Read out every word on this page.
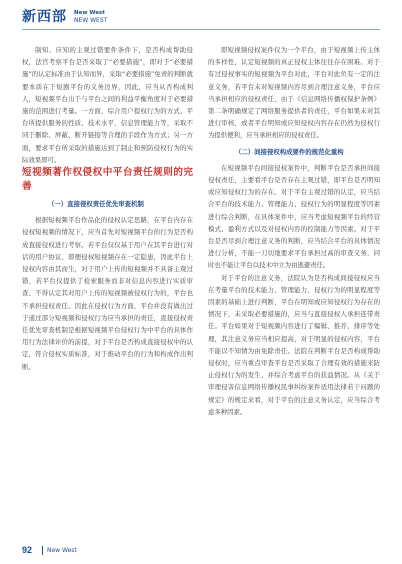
新西部 New West
NEW WEST

制知、应知的主观过错要件条件下，是否构成帮助侵权，法官考察平台是否采取了“必要措施”，即对于“必要措施”的认定标准由于认知而异，采取“必要措施”免责的判断就要本质在于短剧平台的义务边界，因此，应当从否构成判人，短视频平台出于与平台之间的利益平衡角度对于必要措施的范围进行考量。一方面，综合用户提权行为的方式、平台所提供服务的性质、技术水平，信息管理能力等，采取不同于删除、屏蔽、断开链接等合理的手段作为方式；另一方面，要求平台所采取的措施达到了制止和预防侵权行为的实际效果即可。

短视频著作权侵权中平台责任规则的完善

（一）直接侵权责任优先审查机制

根据短视频平台作品化的侵权认定思路，在平台内存在侵权短视频的情况下，应当首先对短视频平台的行为是否构成直接侵权进行考察。若平台仅仅基于用户在其平台进行对话的用户协议、即便侵权短视频存在一定隐患，因此平台上侵权内容由其而生，对于用户上传的短视频并不具备主观过错，若平台仅提供了检索服务而非对信息内容进行实质审查、不得认定其对用户上传的短视频被侵权行为的，平台也不承担侵权责任。因此在侵权行为方面，平台并没有做出过于通过部分短视频和侵权行为应当承担的责任，直接侵权责任优先审查机制是根据短视频平台侵权行为中平台的具体作用行为法律评价的前提，对于平台是否构成直接侵权中的认定，符合侵权实质标准，对于推动平台的行为和构成作出判断。

即短视频侵权案件仅为一个平台，由于短视频上传主体的多样性，认定短视频的真正侵权主体往往存在困难。对于有过侵权事实的短视频为平台对此，平台对此负有一定的注意义务，若平台未对短视频内容尽到合理注意义务，平台应当承担相应的侵权责任，由于《信息网络传播权保护条例》第二条明确规定了网络服务提供者的责任，平台如果未对其进行审核，或者平台明知或应知侵权内容存在仍然为侵权行为提供便利，应当承担相应的侵权责任。

（二）间接侵权构成要件的规范化重构

在短视频平台间接侵权案件中，判断平台是否承担间接侵权责任，主要看平台是否存在主观过错，即平台是否明知或应知侵权行为的存在。对于平台主观过错的认定，应当结合平台的技术能力、管理能力、侵权行为的明显程度等因素进行综合判断，在具体案件中，应当考虑短视频平台的经营模式、盈利方式以及对侵权内容的控制能力等因素。对于平台是否尽到合理注意义务的判断，应当结合平台的具体情况进行分析，不能一刀切地要求平台承担过高的审查义务，同时也不能让平台以技术中立为由逃避责任。

对于平台的注意义务，法院认为是否构成间接侵权应当在考量平台的技术能力、管理能力、侵权行为的明显程度等因素的基础上进行判断，平台在明知或应知侵权行为存在的情况下，未采取必要措施的，应当与直接侵权人承担连带责任。平台如果对于短视频内容进行了编辑、推荐、排序等处理，其注意义务应当相应提高，对于明显的侵权内容，平台不能以不知情为由免除责任。法院在判断平台是否构成帮助侵权时，应当重点审查平台是否采取了合理有效的措施来防止侵权行为的发生，并综合考虑平台的获益情况。从《关于审理侵害信息网络传播权民事纠纷案件适用法律若干问题的规定》的规定来看，对于平台的注意义务认定，应当综合考虑多种因素。

92 New West
